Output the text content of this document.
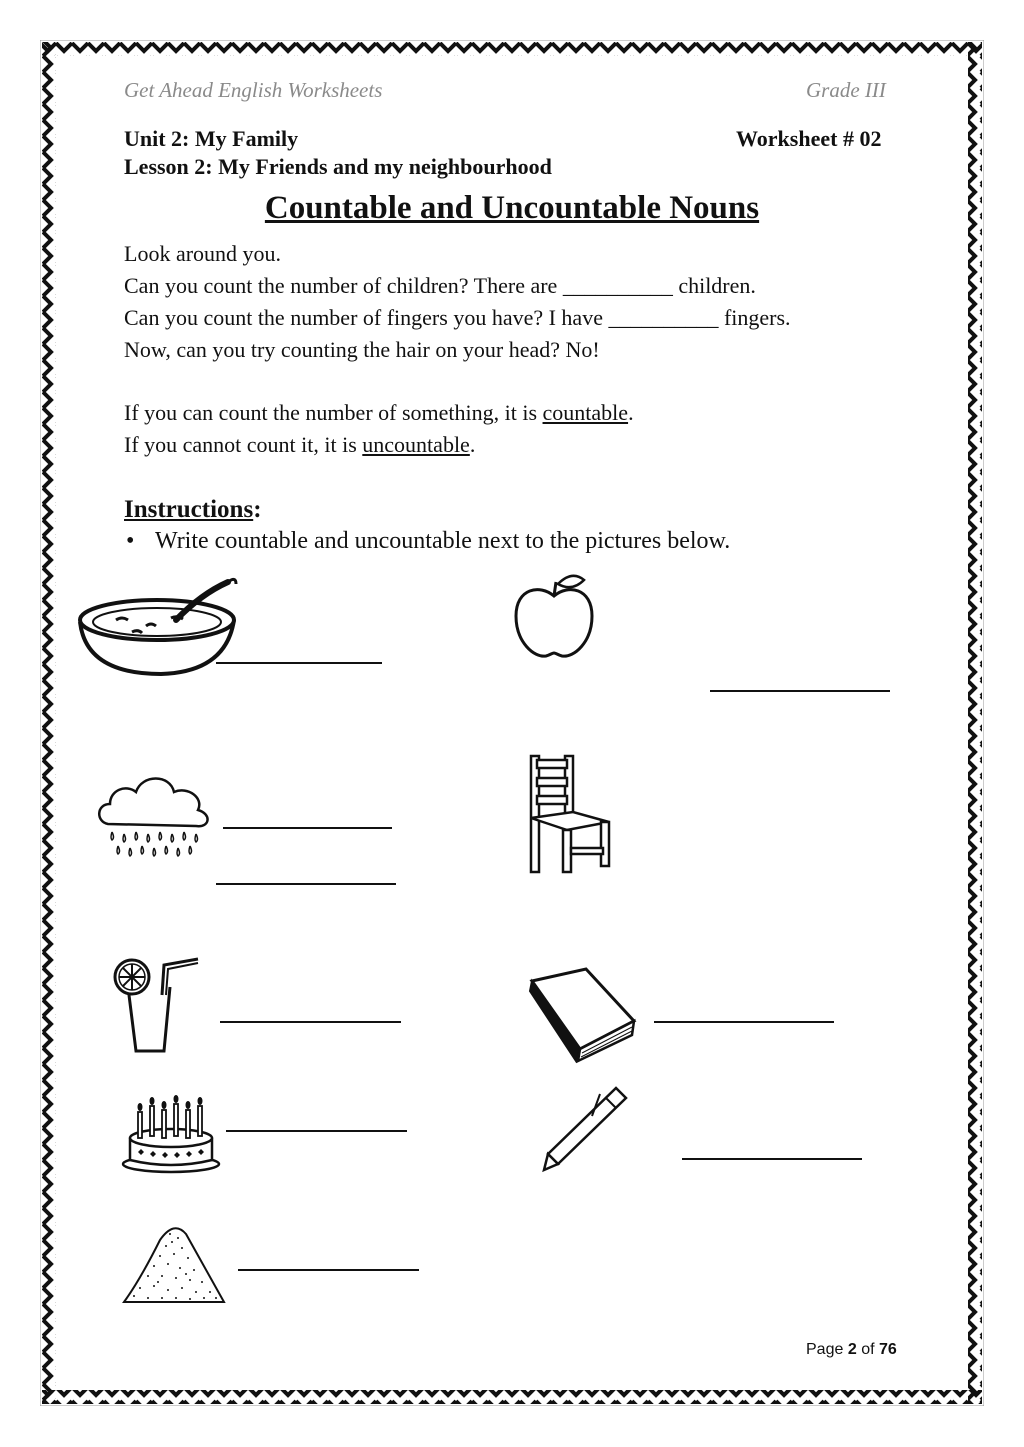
Get Ahead English Worksheets	Grade III
Unit 2: My Family	Worksheet # 02
Lesson 2: My Friends and my neighbourhood
Countable and Uncountable Nouns
Look around you.
Can you count the number of children? There are __________ children.
Can you count the number of fingers you have? I have __________ fingers.
Now, can you try counting the hair on your head? No!
If you can count the number of something, it is countable.
If you cannot count it, it is uncountable.
Instructions:
• Write countable and uncountable next to the pictures below.
Page 2 of 76
